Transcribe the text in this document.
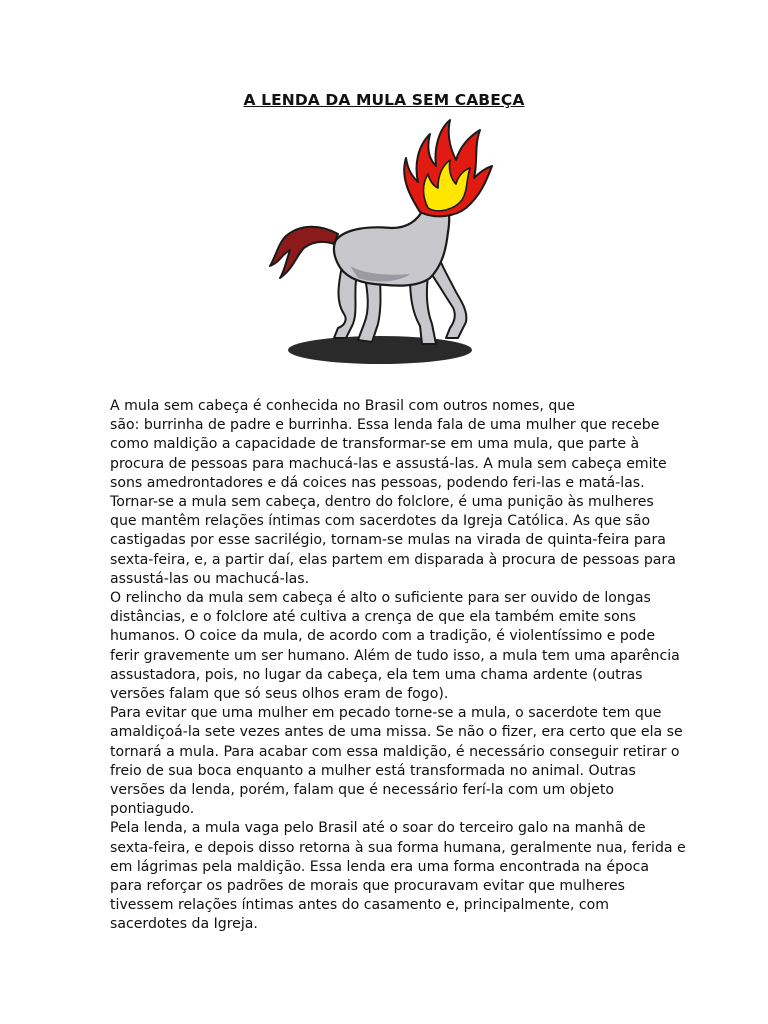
A LENDA DA MULA SEM CABEÇA

A mula sem cabeça é conhecida no Brasil com outros nomes, que
são: burrinha de padre e burrinha. Essa lenda fala de uma mulher que recebe
como maldição a capacidade de transformar-se em uma mula, que parte à
procura de pessoas para machucá-las e assustá-las. A mula sem cabeça emite
sons amedrontadores e dá coices nas pessoas, podendo feri-las e matá-las.
Tornar-se a mula sem cabeça, dentro do folclore, é uma punição às mulheres
que mantêm relações íntimas com sacerdotes da Igreja Católica. As que são
castigadas por esse sacrilégio, tornam-se mulas na virada de quinta-feira para
sexta-feira, e, a partir daí, elas partem em disparada à procura de pessoas para
assustá-las ou machucá-las.

O relincho da mula sem cabeça é alto o suficiente para ser ouvido de longas
distâncias, e o folclore até cultiva a crença de que ela também emite sons
humanos. O coice da mula, de acordo com a tradição, é violentíssimo e pode
ferir gravemente um ser humano. Além de tudo isso, a mula tem uma aparência
assustadora, pois, no lugar da cabeça, ela tem uma chama ardente (outras
versões falam que só seus olhos eram de fogo).

Para evitar que uma mulher em pecado torne-se a mula, o sacerdote tem que
amaldiçoá-la sete vezes antes de uma missa. Se não o fizer, era certo que ela se
tornará a mula. Para acabar com essa maldição, é necessário conseguir retirar o
freio de sua boca enquanto a mulher está transformada no animal. Outras
versões da lenda, porém, falam que é necessário ferí-la com um objeto
pontiagudo.

Pela lenda, a mula vaga pelo Brasil até o soar do terceiro galo na manhã de
sexta-feira, e depois disso retorna à sua forma humana, geralmente nua, ferida e
em lágrimas pela maldição. Essa lenda era uma forma encontrada na época
para reforçar os padrões de morais que procuravam evitar que mulheres
tivessem relações íntimas antes do casamento e, principalmente, com
sacerdotes da Igreja.
